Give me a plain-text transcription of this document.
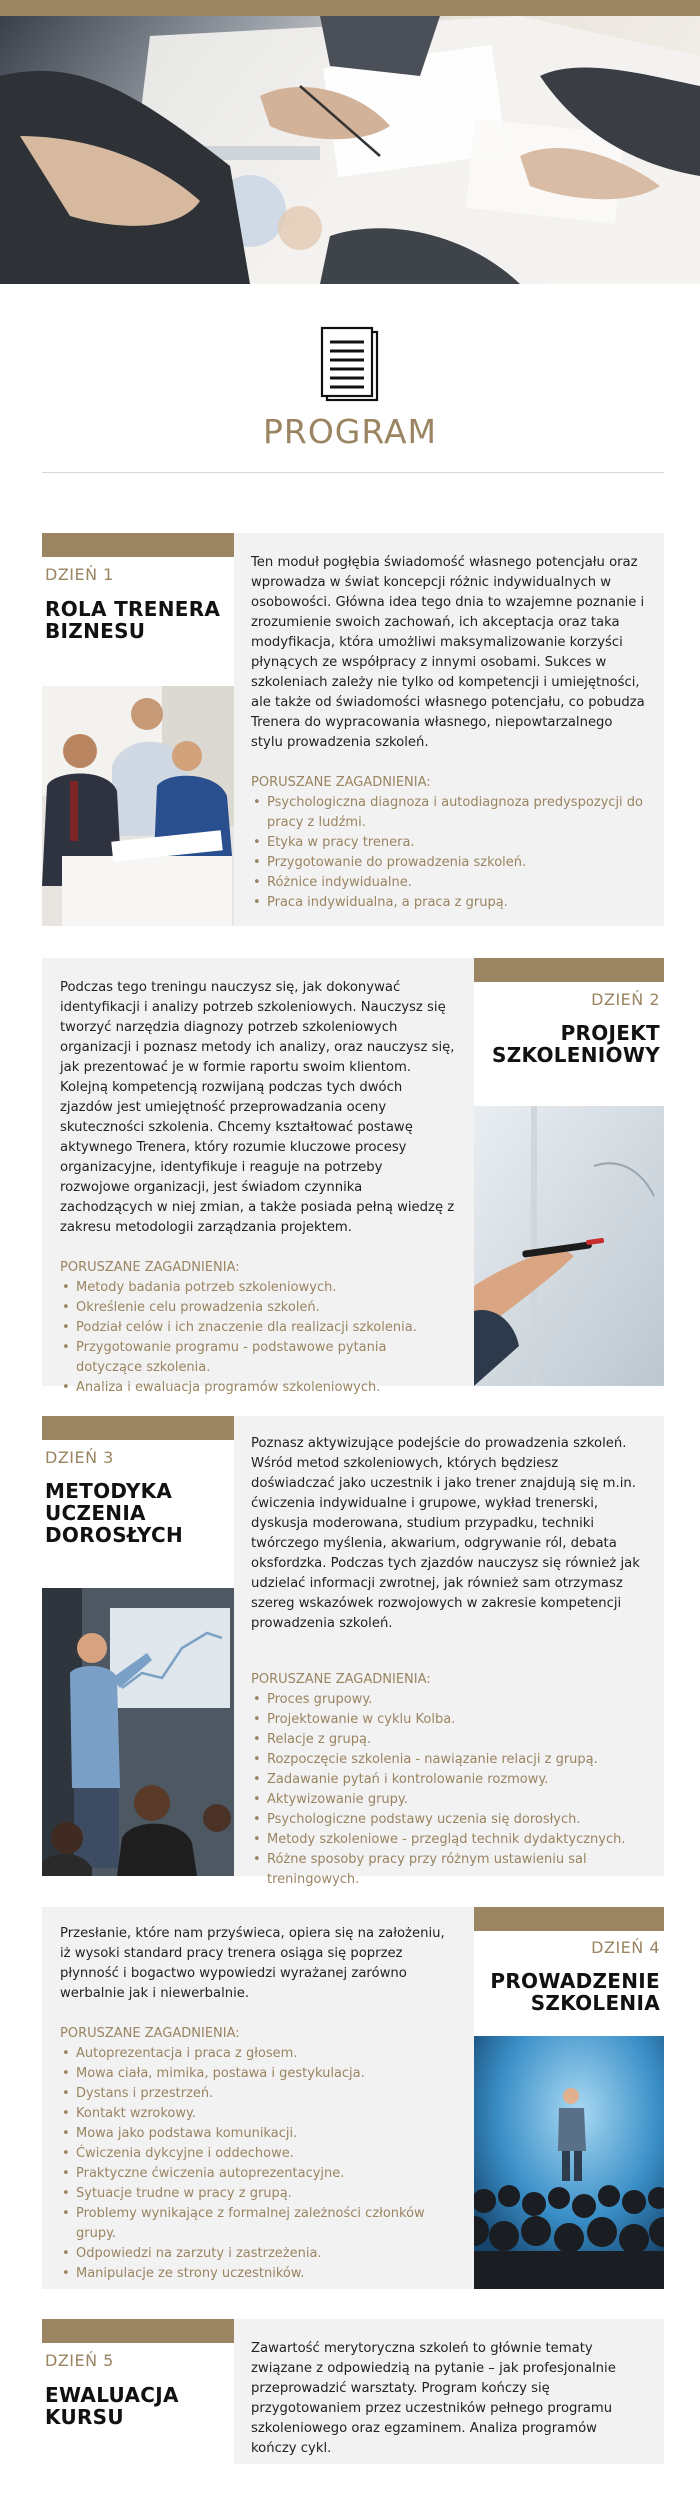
PROGRAM
DZIEŃ 1
ROLA TRENERA BIZNESU

Ten moduł pogłębia świadomość własnego potencjału oraz wprowadza w świat koncepcji różnic indywidualnych w osobowości. Główna idea tego dnia to wzajemne poznanie i zrozumienie swoich zachowań, ich akceptacja oraz taka modyfikacja, która umożliwi maksymalizowanie korzyści płynących ze współpracy z innymi osobami. Sukces w szkoleniach zależy nie tylko od kompetencji i umiejętności, ale także od świadomości własnego potencjału, co pobudza Trenera do wypracowania własnego, niepowtarzalnego stylu prowadzenia szkoleń.

PORUSZANE ZAGADNIENIA:
• Psychologiczna diagnoza i autodiagnoza predyspozycji do pracy z ludźmi.
• Etyka w pracy trenera.
• Przygotowanie do prowadzenia szkoleń.
• Różnice indywidualne.
• Praca indywidualna, a praca z grupą.

Podczas tego treningu nauczysz się, jak dokonywać identyfikacji i analizy potrzeb szkoleniowych. Nauczysz się tworzyć narzędzia diagnozy potrzeb szkoleniowych organizacji i poznasz metody ich analizy, oraz nauczysz się, jak prezentować je w formie raportu swoim klientom. Kolejną kompetencją rozwijaną podczas tych dwóch zjazdów jest umiejętność przeprowadzania oceny skuteczności szkolenia. Chcemy kształtować postawę aktywnego Trenera, który rozumie kluczowe procesy organizacyjne, identyfikuje i reaguje na potrzeby rozwojowe organizacji, jest świadom czynnika zachodzących w niej zmian, a także posiada pełną wiedzę z zakresu metodologii zarządzania projektem.

PORUSZANE ZAGADNIENIA:
• Metody badania potrzeb szkoleniowych.
• Określenie celu prowadzenia szkoleń.
• Podział celów i ich znaczenie dla realizacji szkolenia.
• Przygotowanie programu - podstawowe pytania dotyczące szkolenia.
• Analiza i ewaluacja programów szkoleniowych.
DZIEŃ 2
PROJEKT SZKOLENIOWY
DZIEŃ 3
METODYKA UCZENIA DOROSŁYCH

Poznasz aktywizujące podejście do prowadzenia szkoleń. Wśród metod szkoleniowych, których będziesz doświadczać jako uczestnik i jako trener znajdują się m.in. ćwiczenia indywidualne i grupowe, wykład trenerski, dyskusja moderowana, studium przypadku, techniki twórczego myślenia, akwarium, odgrywanie ról, debata oksfordzka. Podczas tych zjazdów nauczysz się również jak udzielać informacji zwrotnej, jak również sam otrzymasz szereg wskazówek rozwojowych w zakresie kompetencji prowadzenia szkoleń.

PORUSZANE ZAGADNIENIA:
• Proces grupowy.
• Projektowanie w cyklu Kolba.
• Relacje z grupą.
• Rozpoczęcie szkolenia - nawiązanie relacji z grupą.
• Zadawanie pytań i kontrolowanie rozmowy.
• Aktywizowanie grupy.
• Psychologiczne podstawy uczenia się dorosłych.
• Metody szkoleniowe - przegląd technik dydaktycznych.
• Różne sposoby pracy przy różnym ustawieniu sal treningowych.

Przesłanie, które nam przyświeca, opiera się na założeniu, iż wysoki standard pracy trenera osiąga się poprzez płynność i bogactwo wypowiedzi wyrażanej zarówno werbalnie jak i niewerbalnie.

PORUSZANE ZAGADNIENIA:
• Autoprezentacja i praca z głosem.
• Mowa ciała, mimika, postawa i gestykulacja.
• Dystans i przestrzeń.
• Kontakt wzrokowy.
• Mowa jako podstawa komunikacji.
• Ćwiczenia dykcyjne i oddechowe.
• Praktyczne ćwiczenia autoprezentacyjne.
• Sytuacje trudne w pracy z grupą.
• Problemy wynikające z formalnej zależności członków grupy.
• Odpowiedzi na zarzuty i zastrzeżenia.
• Manipulacje ze strony uczestników.
DZIEŃ 4
PROWADZENIE SZKOLENIA
DZIEŃ 5
EWALUACJA KURSU

Zawartość merytoryczna szkoleń to głównie tematy związane z odpowiedzią na pytanie – jak profesjonalnie przeprowadzić warsztaty. Program kończy się przygotowaniem przez uczestników pełnego programu szkoleniowego oraz egzaminem. Analiza programów kończy cykl.
